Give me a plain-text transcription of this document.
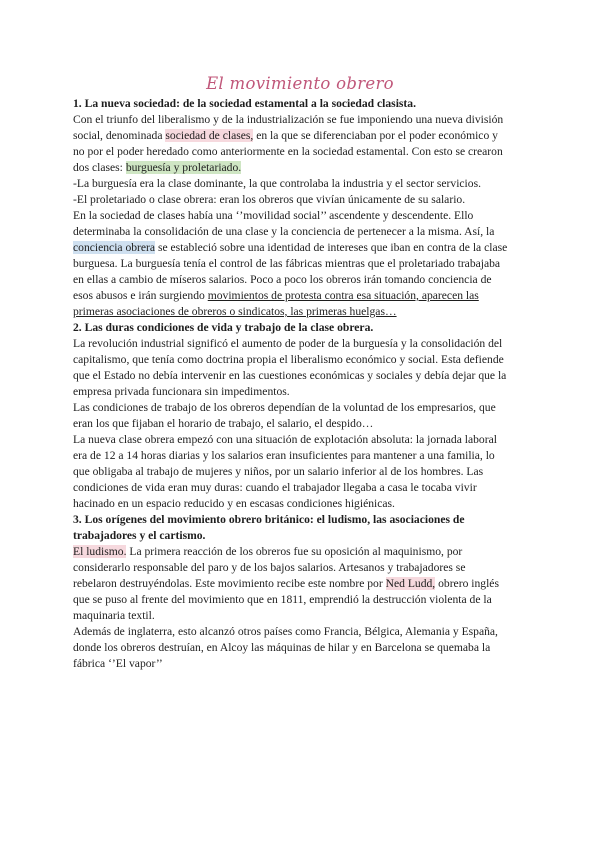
El movimiento obrero
1. La nueva sociedad: de la sociedad estamental a la sociedad clasista.
Con el triunfo del liberalismo y de la industrialización se fue imponiendo una nueva división
social, denominada sociedad de clases, en la que se diferenciaban por el poder económico y
no por el poder heredado como anteriormente en la sociedad estamental. Con esto se crearon
dos clases: burguesía y proletariado.
-La burguesía era la clase dominante, la que controlaba la industria y el sector servicios.
-El proletariado o clase obrera: eran los obreros que vivían únicamente de su salario.
En la sociedad de clases había una ‘’movilidad social’’ ascendente y descendente. Ello
determinaba la consolidación de una clase y la conciencia de pertenecer a la misma. Así, la
conciencia obrera se estableció sobre una identidad de intereses que iban en contra de la clase
burguesa. La burguesía tenía el control de las fábricas mientras que el proletariado trabajaba
en ellas a cambio de míseros salarios. Poco a poco los obreros irán tomando conciencia de
esos abusos e irán surgiendo movimientos de protesta contra esa situación, aparecen las
primeras asociaciones de obreros o sindicatos, las primeras huelgas…
2. Las duras condiciones de vida y trabajo de la clase obrera.
La revolución industrial significó el aumento de poder de la burguesía y la consolidación del
capitalismo, que tenía como doctrina propia el liberalismo económico y social. Esta defiende
que el Estado no debía intervenir en las cuestiones económicas y sociales y debía dejar que la
empresa privada funcionara sin impedimentos.
Las condiciones de trabajo de los obreros dependían de la voluntad de los empresarios, que
eran los que fijaban el horario de trabajo, el salario, el despido…
La nueva clase obrera empezó con una situación de explotación absoluta: la jornada laboral
era de 12 a 14 horas diarias y los salarios eran insuficientes para mantener a una familia, lo
que obligaba al trabajo de mujeres y niños, por un salario inferior al de los hombres. Las
condiciones de vida eran muy duras: cuando el trabajador llegaba a casa le tocaba vivir
hacinado en un espacio reducido y en escasas condiciones higiénicas.
3. Los orígenes del movimiento obrero británico: el ludismo, las asociaciones de
trabajadores y el cartismo.
El ludismo. La primera reacción de los obreros fue su oposición al maquinismo, por
considerarlo responsable del paro y de los bajos salarios. Artesanos y trabajadores se
rebelaron destruyéndolas. Este movimiento recibe este nombre por Ned Ludd, obrero inglés
que se puso al frente del movimiento que en 1811, emprendió la destrucción violenta de la
maquinaria textil.
Además de inglaterra, esto alcanzó otros países como Francia, Bélgica, Alemania y España,
donde los obreros destruían, en Alcoy las máquinas de hilar y en Barcelona se quemaba la
fábrica ‘’El vapor’’
